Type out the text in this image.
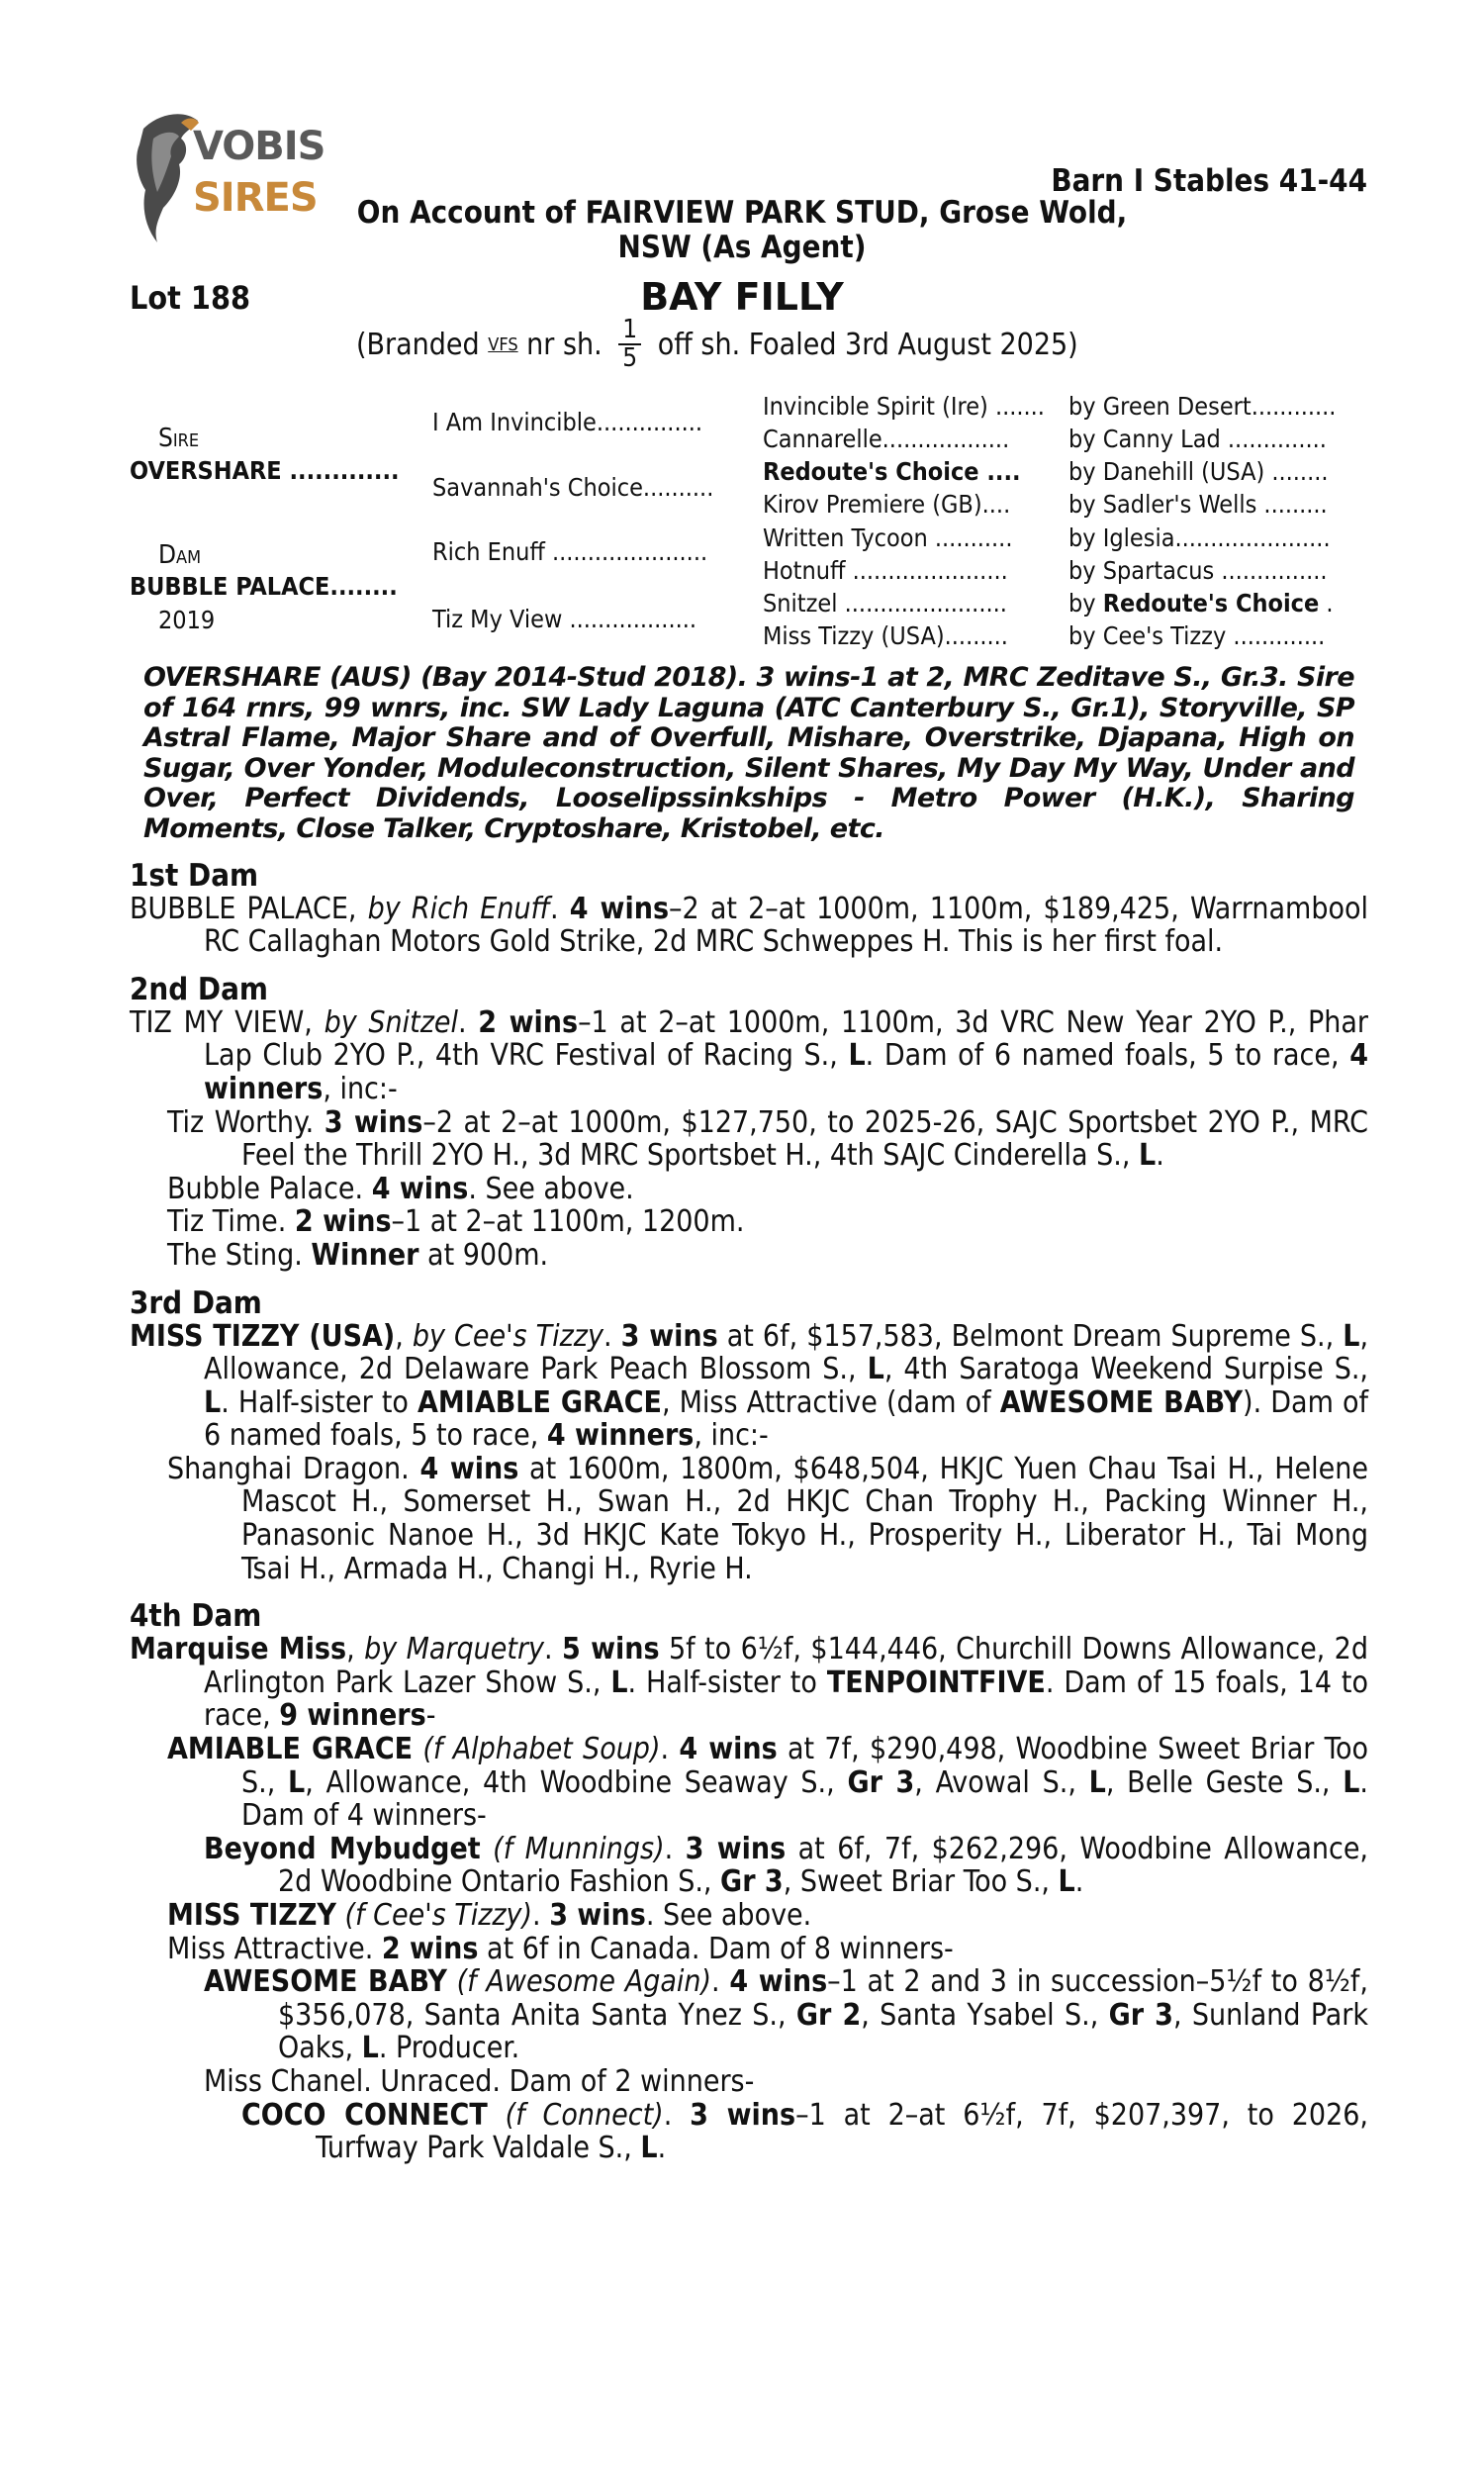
VOBIS
SIRES	Barn I Stables 41-44
On Account of FAIRVIEW PARK STUD, Grose Wold,
NSW (As Agent)
Lot 188	BAY FILLY
(Branded VFS nr sh. $\frac{1}{5}$ off sh. Foaled 3rd August 2025)
Sire
OVERSHARE .............
Dam
BUBBLE PALACE........
2019
I Am Invincible...............
Savannah's Choice..........
Rich Enuff ......................
Tiz My View ..................
Invincible Spirit (Ire) .......
Cannarelle..................
Redoute's Choice ....
Kirov Premiere (GB)....
Written Tycoon ...........
Hotnuff ......................
Snitzel .......................
Miss Tizzy (USA).........
by Green Desert............
by Canny Lad ..............
by Danehill (USA) ........
by Sadler's Wells .........
by Iglesia......................
by Spartacus ...............
by Redoute's Choice .
by Cee's Tizzy .............
OVERSHARE (AUS) (Bay 2014-Stud 2018). 3 wins-1 at 2, MRC Zeditave S., Gr.3. Sire of 164 rnrs, 99 wnrs, inc. SW Lady Laguna (ATC Canterbury S., Gr.1), Storyville, SP Astral Flame, Major Share and of Overfull, Mishare, Overstrike, Djapana, High on Sugar, Over Yonder, Moduleconstruction, Silent Shares, My Day My Way, Under and Over, Perfect Dividends, Looselipssinkships - Metro Power (H.K.), Sharing Moments, Close Talker, Cryptoshare, Kristobel, etc.
1st Dam
BUBBLE PALACE, by Rich Enuff. 4 wins–2 at 2–at 1000m, 1100m, $189,425, Warrnambool RC Callaghan Motors Gold Strike, 2d MRC Schweppes H. This is her first foal.
2nd Dam
TIZ MY VIEW, by Snitzel. 2 wins–1 at 2–at 1000m, 1100m, 3d VRC New Year 2YO P., Phar Lap Club 2YO P., 4th VRC Festival of Racing S., L. Dam of 6 named foals, 5 to race, 4 winners, inc:-
Tiz Worthy. 3 wins–2 at 2–at 1000m, $127,750, to 2025-26, SAJC Sportsbet 2YO P., MRC Feel the Thrill 2YO H., 3d MRC Sportsbet H., 4th SAJC Cinderella S., L.
Bubble Palace. 4 wins. See above.
Tiz Time. 2 wins–1 at 2–at 1100m, 1200m.
The Sting. Winner at 900m.
3rd Dam
MISS TIZZY (USA), by Cee's Tizzy. 3 wins at 6f, $157,583, Belmont Dream Supreme S., L, Allowance, 2d Delaware Park Peach Blossom S., L, 4th Saratoga Weekend Surpise S., L. Half-sister to AMIABLE GRACE, Miss Attractive (dam of AWESOME BABY). Dam of 6 named foals, 5 to race, 4 winners, inc:-
Shanghai Dragon. 4 wins at 1600m, 1800m, $648,504, HKJC Yuen Chau Tsai H., Helene Mascot H., Somerset H., Swan H., 2d HKJC Chan Trophy H., Packing Winner H., Panasonic Nanoe H., 3d HKJC Kate Tokyo H., Prosperity H., Liberator H., Tai Mong Tsai H., Armada H., Changi H., Ryrie H.
4th Dam
Marquise Miss, by Marquetry. 5 wins 5f to 6½f, $144,446, Churchill Downs Allowance, 2d Arlington Park Lazer Show S., L. Half-sister to TENPOINTFIVE. Dam of 15 foals, 14 to race, 9 winners-
AMIABLE GRACE (f Alphabet Soup). 4 wins at 7f, $290,498, Woodbine Sweet Briar Too S., L, Allowance, 4th Woodbine Seaway S., Gr 3, Avowal S., L, Belle Geste S., L. Dam of 4 winners-
Beyond Mybudget (f Munnings). 3 wins at 6f, 7f, $262,296, Woodbine Allowance, 2d Woodbine Ontario Fashion S., Gr 3, Sweet Briar Too S., L.
MISS TIZZY (f Cee's Tizzy). 3 wins. See above.
Miss Attractive. 2 wins at 6f in Canada. Dam of 8 winners-
AWESOME BABY (f Awesome Again). 4 wins–1 at 2 and 3 in succession–5½f to 8½f, $356,078, Santa Anita Santa Ynez S., Gr 2, Santa Ysabel S., Gr 3, Sunland Park Oaks, L. Producer.
Miss Chanel. Unraced. Dam of 2 winners-
COCO CONNECT (f Connect). 3 wins–1 at 2–at 6½f, 7f, $207,397, to 2026, Turfway Park Valdale S., L.
